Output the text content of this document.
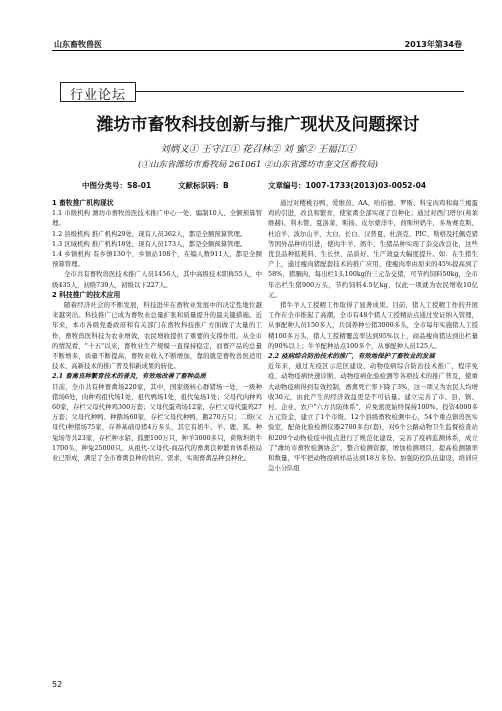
山东畜牧兽医	2013年第34卷
行业论坛
潍坊市畜牧科技创新与推广现状及问题探讨
刘炳义① 王守江① 花召林② 刘 蜜② 王福江①
(①山东省潍坊市畜牧局 261061 ②山东省潍坊市奎文区畜牧局)
中图分类号：S8-01	文献标识码：B	文章编号：1007-1733(2013)03-0052-04

1 畜牧推广机构现状

1.1 市级机构 潍坊市畜牧兽医技术推广中心一处、编制10人、全额预算管理。

1.2 县级机构 推广机构29处，现有人员362人，都是全额预算管理。

1.3 区域机构 推广机构18处，现有人员173人，都是全额预算管理。

1.4 乡镇机构 有乡镇130个，乡镇站108个，在编人数911人，都是全额预算管理。

全市共有畜牧兽医技术推广人员1456人，其中高级技术职称55人，中级435人，初级739人，初级以下227人。

2 科技推广的技术应用

随着经济社会的不断发展，科技进步在畜牧业发展中的决定性地位越来越突出。科技推广已成为畜牧业总量扩张和质量提升的最关键措施。近年来，本市各级党委政府和有关部门在畜牧科技推广方面做了大量的工作，畜牧兽医科技为农业增效、农民增收提供了重要的支撑作用。从全市的情况看，"十五"以来，畜牧业生产规模一直保持稳定，而畜产品的总量不断增多，质量不断提高，畜牧业收入不断增加，靠的就是畜牧兽医适用技术、高新技术的推广普及和新成果的转化。

2.1 畜禽良种繁育技术的普及，有效地改善了畜种品质

目前，全市共有种畜禽场220家，其中，国家级核心群猪场一处，一级种猪场6处，肉种鸡祖代场1处，祖代鸭场1处，祖代兔场1处；父母代肉种鸡60家，存栏父母代种鸡300万套；父母代蛋鸡场12家，存栏父母代蛋鸡27万套；父母代种鸭、种鹅场60家，存栏父母代种鸭、鹅270万只；二级(父母代)种猪场75家，存养基础母猪4万多头，其它有奶牛、羊、鹿、狐、种兔场等共23家，存栏种水貂、狐狸100万只，种羊3000多只，荷斯坦奶牛1700头、种兔25000只。从祖代-父母代-商品代的畜禽良种繁育体系格局业已形成，满足了全市畜禽良种的供应、需求，实现畜禽品种良种化。

通过对樱桃谷鸭、爱维茵、AA、哈伯德、罗斯、科宝肉鸡和海兰褐蛋鸡的引进，改良和繁育，使家禽全部实现了良种化；通过对西门塔尔(弗莱维赫)、利木赞、夏洛莱、斯扬、皮尔蒙洋牛，荷斯坦奶牛，多角赛克斯、杜泊羊、波尔山羊，大白、长白、汉普夏、杜洛克、PIC、斯格及托佩克猪等国外品种的引进，使肉牛羊、奶牛、生猪品种实现了杂交改良化，这些优良品种低耗料、生长快、品质好、生产效益大幅度提升。如：在生猪生产上，通过瘦肉猪配套技术的推广应用，使瘦肉率由原来的45%提高到了58%，猪胴肉，每出栏1头100kg的三元杂交猪，可节约饲料50kg，全市年出栏生猪900万头，节约饲料4.5亿kg，仅此一项就为农民增收10亿元。

猪牛羊人工授精工作取得了显著成果。目前，猪人工授精工作的开展工作在全市推起了高潮，全市有48个猪人工授精站点通过发证纳入管理，从事配种人员150多人，共饲养种公猪3000多头，全市每年实施猪人工授精100多万头，猪人工授精覆盖率达到95%以上，商品瘦肉猪达到出栏量的90%以上；牛羊配种站点100多个，从事配种人员125人。

2.2 疫病综合防治技术的推广，有效地保护了畜牧业的发展

近年来，通过无疫区示范区建设、动物疫病综合防治技术推广、程序免疫、动物疫病快速诊断、动物疫病化验检测等各项技术的推广普及，使重大动物疫病得到有效控制，畜禽死亡率下降了3%，这一项又为农民人均增收30元，由此产生的经济效益更是不可估量。建立完善了市、县、镇、村、企业、农户"六方共防体系"，应免密度始终保持100%。投资4000多万元资金，建立了1个市级、12个县级畜牧检测中心，54个重点镇兽医实验室，配备化验检测仪器2700多台(套)，对6个公路动物卫生监督检查站和209个动物检疫申报点进行了规范化建设，完善了疫病监测体系，成立了"潍坊市畜牧检测协会"，整合检测资源，增加检测项目，提高检测频率和数量，牢牢把动物疫病样品达到18万多份。加强防控队伍建设，培训应急小分队组

52
